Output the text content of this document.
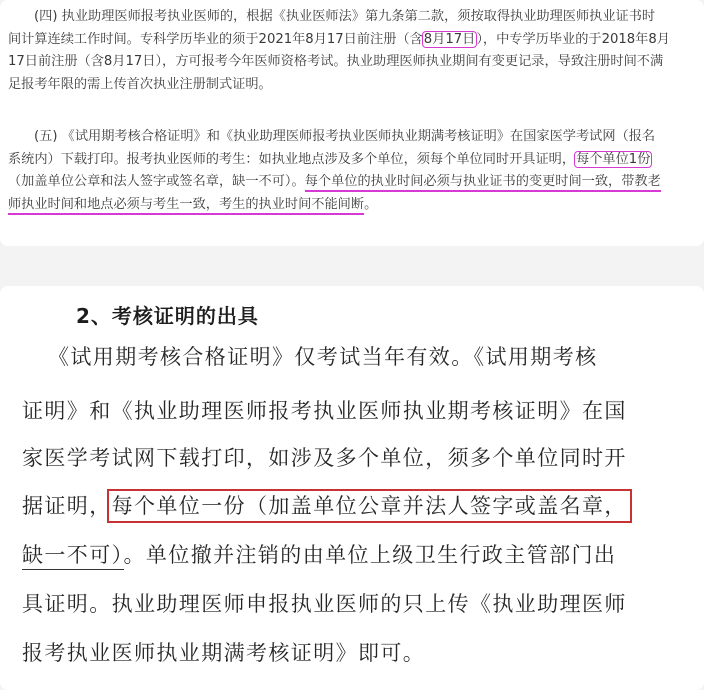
(四) 执业助理医师报考执业医师的，根据《执业医师法》第九条第二款，须按取得执业助理医师执业证书时
间计算连续工作时间。专科学历毕业的须于2021年8月17日前注册（含8月17日），中专学历毕业的于2018年8月
17日前注册（含8月17日），方可报考今年医师资格考试。执业助理医师执业期间有变更记录，导致注册时间不满
足报考年限的需上传首次执业注册制式证明。
(五) 《试用期考核合格证明》和《执业助理医师报考执业医师执业期满考核证明》在国家医学考试网（报名
系统内）下载打印。报考执业医师的考生：如执业地点涉及多个单位，须每个单位同时开具证明，每个单位1份
（加盖单位公章和法人签字或签名章，缺一不可）。每个单位的执业时间必须与执业证书的变更时间一致，带教老
师执业时间和地点必须与考生一致，考生的执业时间不能间断。
2、考核证明的出具
《试用期考核合格证明》仅考试当年有效。《试用期考核
证明》和《执业助理医师报考执业医师执业期考核证明》在国
家医学考试网下载打印，如涉及多个单位，须多个单位同时开
据证明，每个单位一份（加盖单位公章并法人签字或盖名章，
缺一不可）。单位撤并注销的由单位上级卫生行政主管部门出
具证明。执业助理医师申报执业医师的只上传《执业助理医师
报考执业医师执业期满考核证明》即可。
